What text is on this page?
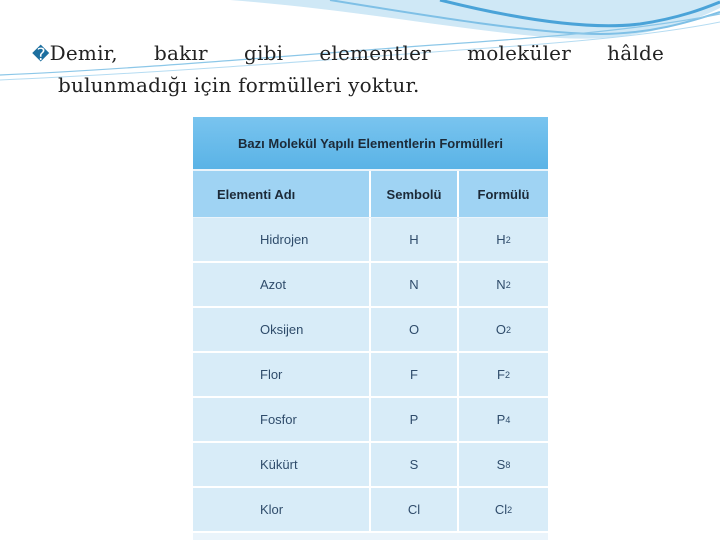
�Demir, bakır gibi elementler moleküler hâlde
bulunmadığı için formülleri yoktur.
Bazı Molekül Yapılı Elementlerin Formülleri
Elementi Adı	Sembolü	Formülü
Hidrojen	H	H 2
Azot	N	N 2
Oksijen	O	O 2
Flor	F	F 2
Fosfor	P	P 4
Kükürt	S	S 8
Klor	Cl	Cl 2
